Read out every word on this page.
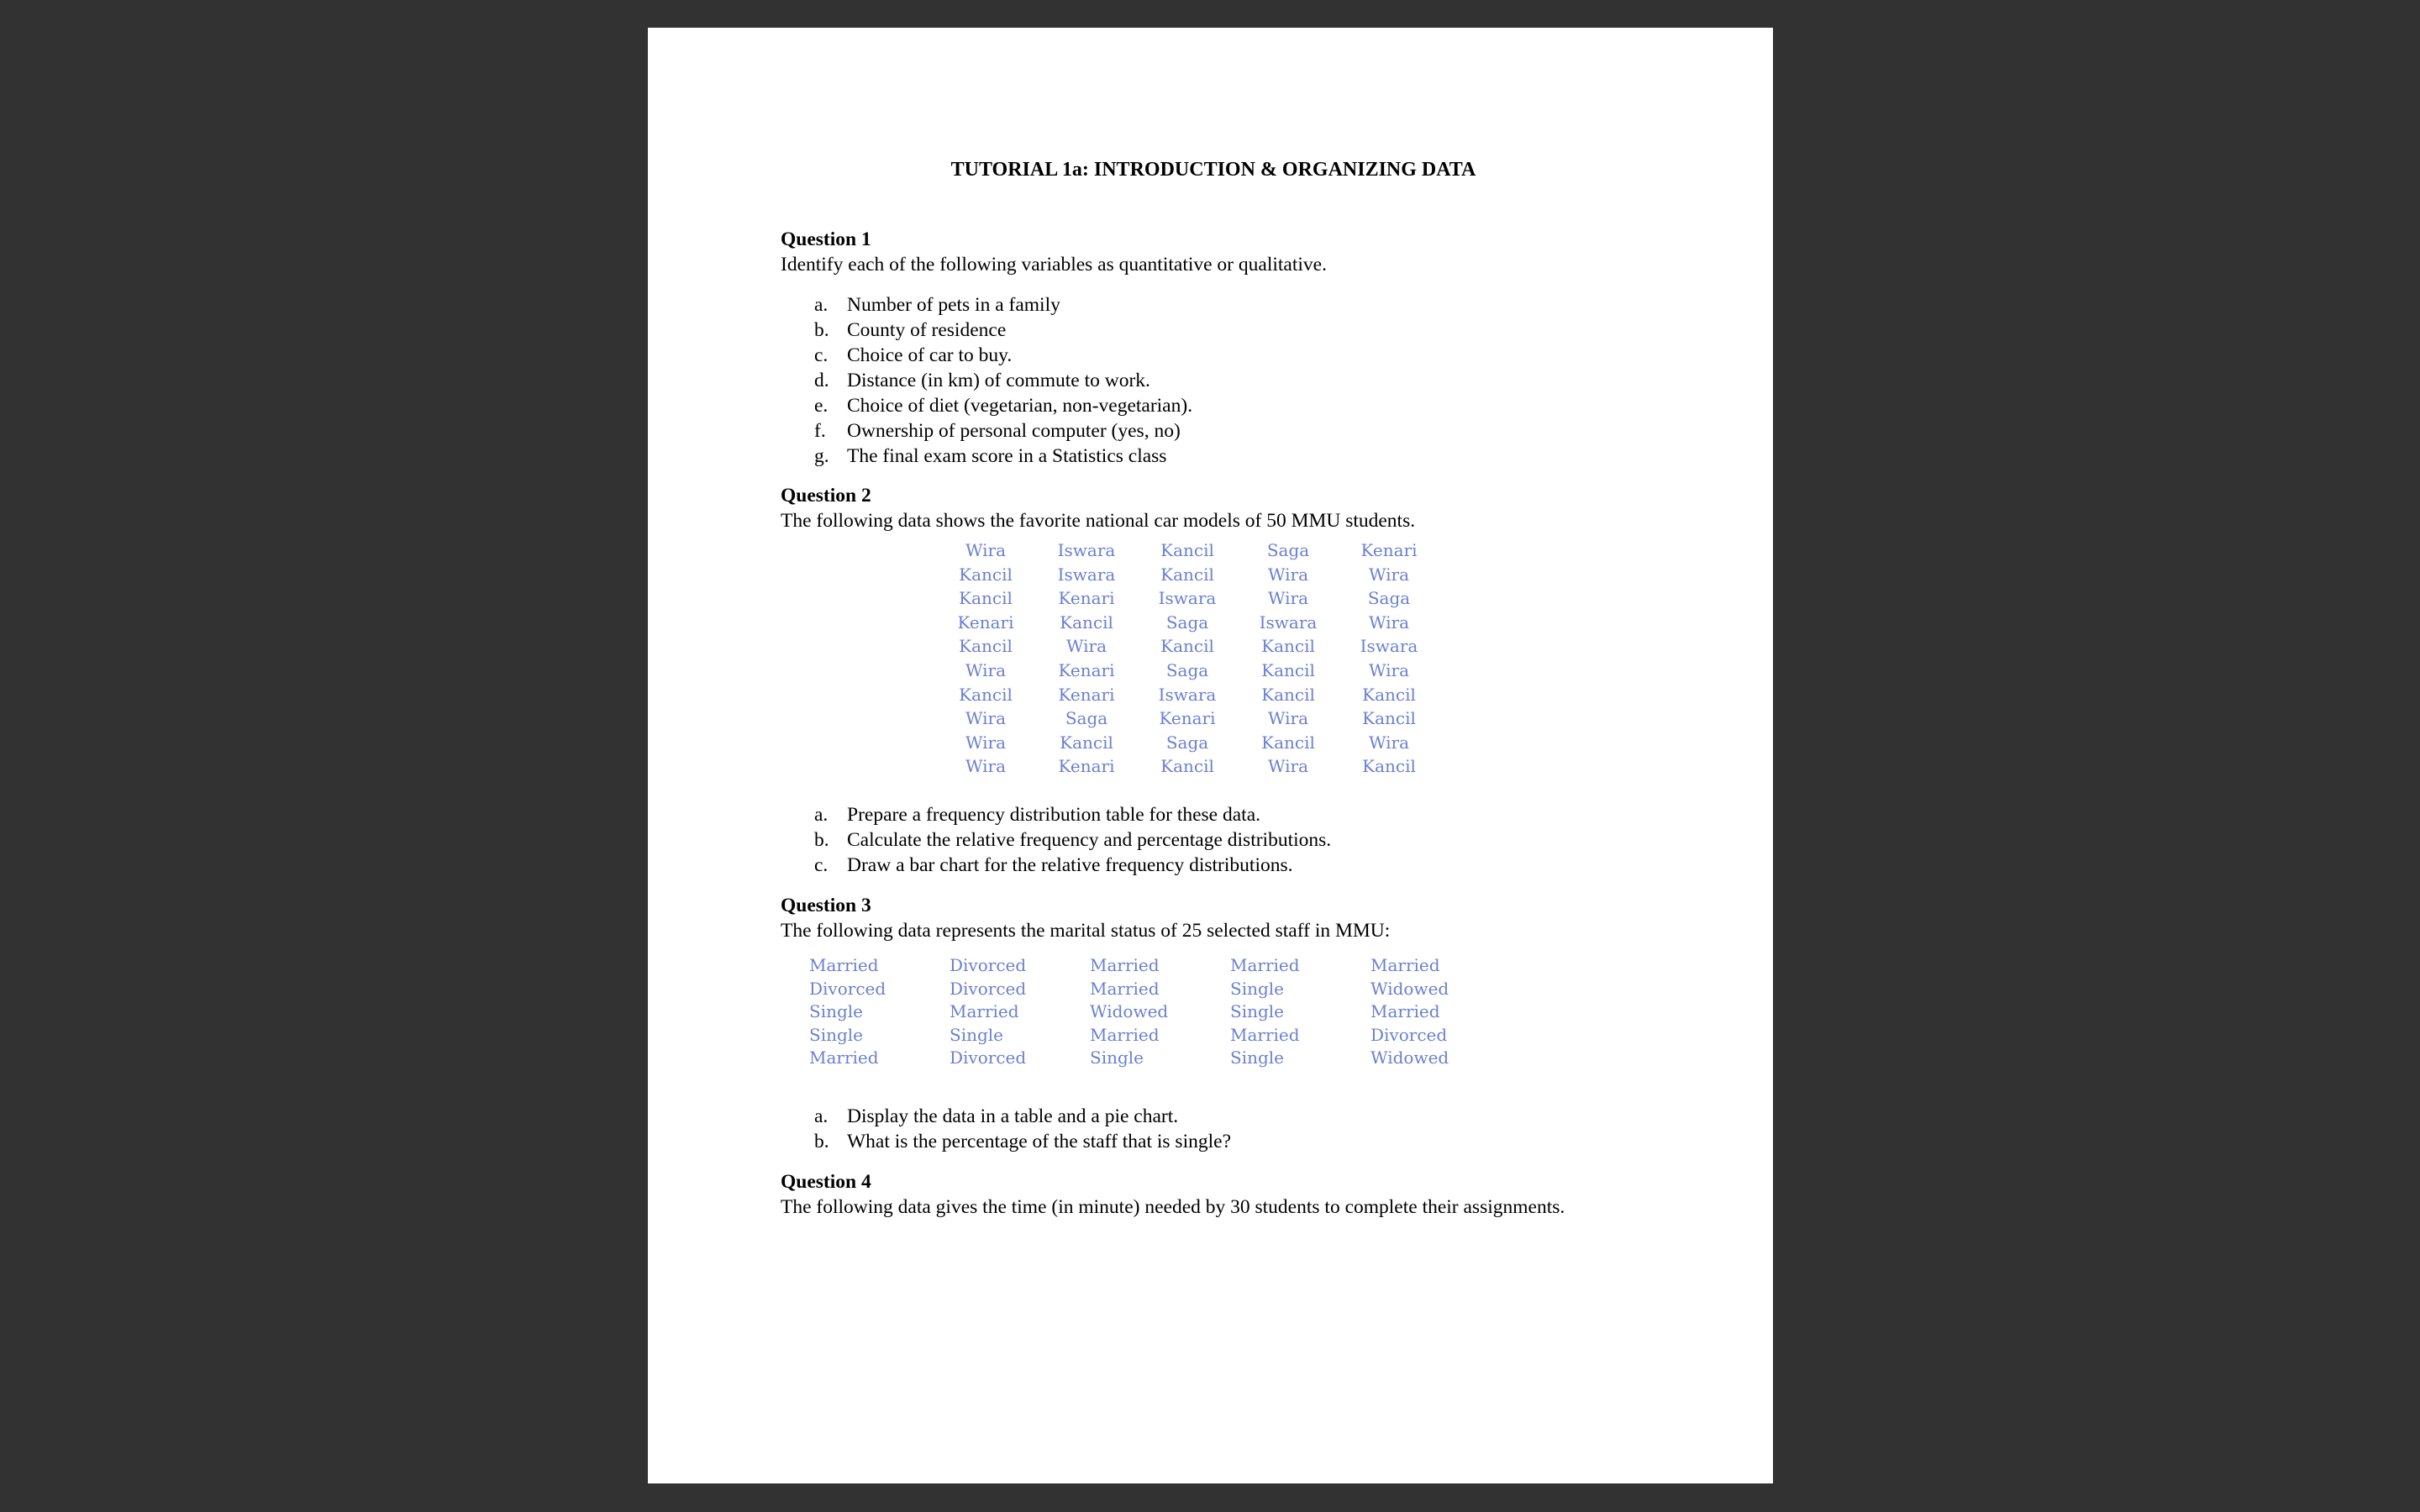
TUTORIAL 1a: INTRODUCTION & ORGANIZING DATA
Question 1
Identify each of the following variables as quantitative or qualitative.
a. Number of pets in a family
b. County of residence
c. Choice of car to buy.
d. Distance (in km) of commute to work.
e. Choice of diet (vegetarian, non-vegetarian).
f. Ownership of personal computer (yes, no)
g. The final exam score in a Statistics class
Question 2
The following data shows the favorite national car models of 50 MMU students.
Wira
Kancil
Kancil
Kenari
Kancil
Wira
Kancil
Wira
Wira
Wira
Iswara
Iswara
Kenari
Kancil
Wira
Kenari
Kenari
Saga
Kancil
Kenari
Kancil
Kancil
Iswara
Saga
Kancil
Saga
Iswara
Kenari
Saga
Kancil
Saga
Wira
Wira
Iswara
Kancil
Kancil
Kancil
Wira
Kancil
Wira
Kenari
Wira
Saga
Wira
Iswara
Wira
Kancil
Kancil
Wira
Kancil
a. Prepare a frequency distribution table for these data.
b. Calculate the relative frequency and percentage distributions.
c. Draw a bar chart for the relative frequency distributions.
Question 3
The following data represents the marital status of 25 selected staff in MMU:
Married
Divorced
Single
Single
Married
Divorced
Divorced
Married
Single
Divorced
Married
Married
Widowed
Married
Single
Married
Single
Single
Married
Single
Married
Widowed
Married
Divorced
Widowed
a. Display the data in a table and a pie chart.
b. What is the percentage of the staff that is single?
Question 4
The following data gives the time (in minute) needed by 30 students to complete their assignments.
